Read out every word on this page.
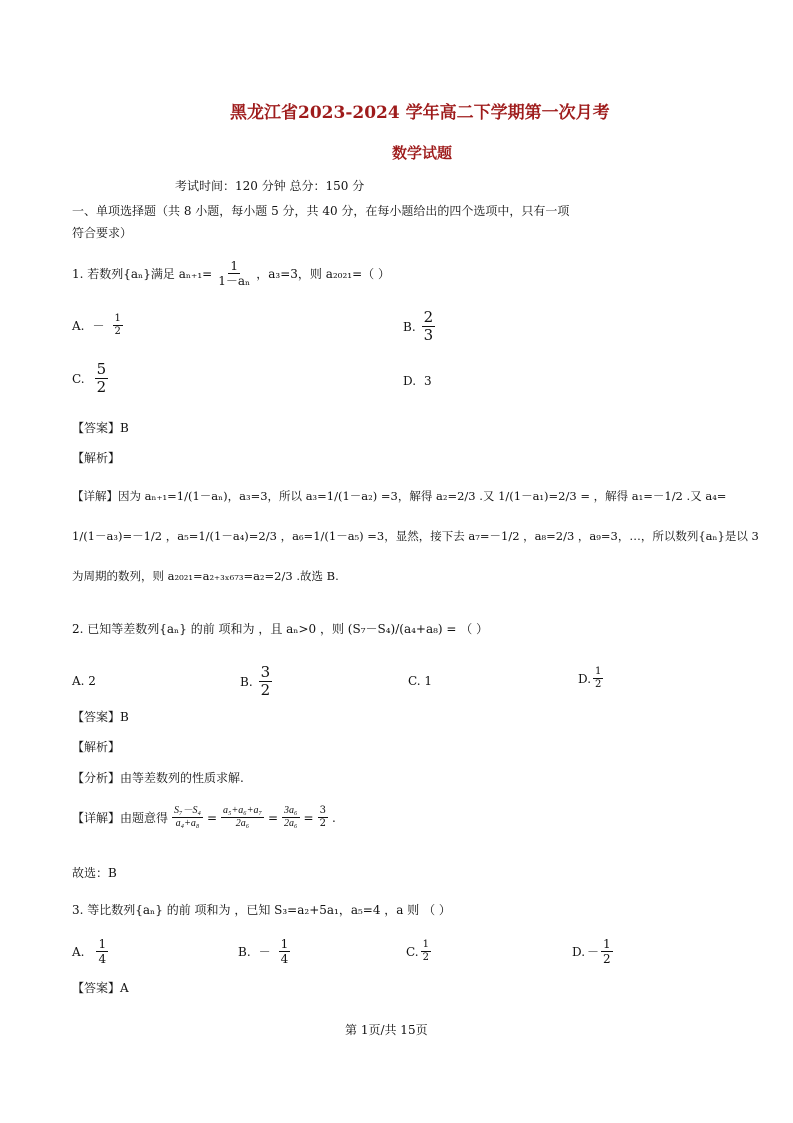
黑龙江省2023-2024 学年高二下学期第一次月考
数学试题
考试时间：120 分钟 总分：150 分
一、单项选择题（共 8 小题，每小题 5 分，共 40 分，在每小题给出的四个选项中，只有一项
符合要求）
1. 若数列{aₙ}满足 $a_{n+1}= \frac{1}{\text{1－aₙ}}$ ，a₃=3，则 a₂₀₂₁=（ ）
A. － $\frac{1}{2}$	B. $\frac{2}{3}$
C. $\frac{5}{2}$	D. 3
【答案】B
【解析】
【详解】因为 aₙ₊₁=1/(1－aₙ)，a₃=3，所以 a₃=1/(1－a₂) =3，解得 a₂=2/3 .又 1/(1－a₁)=2/3 = ，解得 a₁=－1/2 .又 a₄=
1/(1－a₃)=－1/2 ，a₅=1/(1－a₄)=2/3 ，a₆=1/(1－a₅) =3，显然，接下去 a₇=－1/2 ，a₈=2/3 ，a₉=3，…，所以数列{aₙ}是以 3
为周期的数列，则 a₂₀₂₁=a₂₊₃ₓ₆₇₃=a₂=2/3 .故选 B.
2. 已知等差数列{aₙ} 的前 项和为 ，且 aₙ>0 ，则 (S₇－S₄)/(a₄+a₈) = （ ）
A. 2	B. $\frac{3}{2}$	C. 1	D. $\frac{1}{2}$
【答案】B
【解析】
【分析】由等差数列的性质求解.
【详解】由题意得 $\frac{\text{S₇－S₄}}{\text{a₄+a₈}} = \frac{\text{a₅+a₆+a₇}}{\text{2a₆}} = \frac{\text{3a₆}}{\text{2a₆}} = \frac{3}{2}$ .
故选：B
3. 等比数列{aₙ} 的前 项和为 ，已知 S₃=a₂+5a₁，a₅=4 ，a 则 （ ）
A. $\frac{1}{4}$	B. － $\frac{1}{4}$	C. $\frac{1}{2}$	D. － $\frac{1}{2}$
【答案】A
第 1页/共 15页
